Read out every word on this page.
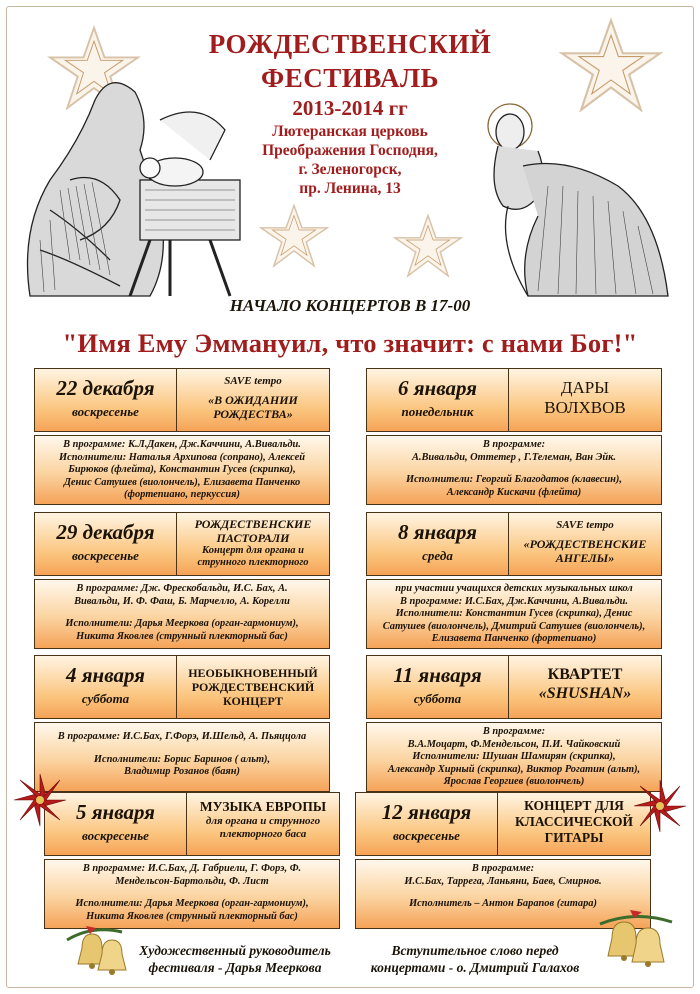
РОЖДЕСТВЕНСКИЙ
ФЕСТИВАЛЬ
2013-2014 гг
Лютеранская церковь
Преображения Господня,
г. Зеленогорск,
пр. Ленина, 13
НАЧАЛО КОНЦЕРТОВ В 17-00
"Имя Ему Эммануил, что значит: с нами Бог!"
22 декабря
воскресенье
SAVE tempo
«В ОЖИДАНИИ
РОЖДЕСТВА»
В программе: К.Л.Дакен, Дж.Каччини, А.Вивальди.
Исполнители: Наталья Архипова (сопрано), Алексей
Бирюков (флейта), Константин Гусев (скрипка),
Денис Сатушев (виолончель), Елизавета Панченко
(фортепиано, перкуссия)
6 января
понедельник
ДАРЫ
ВОЛХВОВ
В программе:
А.Вивальди, Оттетер , Г.Телеман, Ван Эйк.
Исполнители: Георгий Благодатов (клавесин),
Александр Кискачи (флейта)
29 декабря
воскресенье
РОЖДЕСТВЕНСКИЕ
ПАСТОРАЛИ
Концерт для органа и
струнного плекторного
В программе: Дж. Фрескобальди, И.С. Бах, А.
Вивальди, И. Ф. Фаш, Б. Марчелло, А. Корелли
Исполнители: Дарья Меерковa (орган-гармониум),
Никита Яковлев (струнный плекторный бас)
8 января
среда
SAVE tempo
«РОЖДЕСТВЕНСКИЕ
АНГЕЛЫ»
при участии учащихся детских музыкальных школ
В программе: И.С.Бах, Дж.Каччини, А.Вивальди.
Исполнители: Константин Гусев (скрипка), Денис
Сатушев (виолончель), Дмитрий Сатушев (виолончель),
Елизавета Панченко (фортепиано)
4 января
суббота
НЕОБЫКНОВЕННЫЙ
РОЖДЕСТВЕНСКИЙ
КОНЦЕРТ
В программе: И.С.Бах, Г.Форэ, И.Шельд, А. Пьяццола
Исполнители: Борис Баринов ( альт),
Владимир Розанов (баян)
11 января
суббота
КВАРТЕТ
«SHUSHAN»
В программе:
В.А.Моцарт, Ф.Мендельсон, П.И. Чайковский
Исполнители: Шушан Шамирян (скрипка),
Александр Хирный (скрипка), Виктор Рогатин (альт),
Ярослав Георгиев (виолончель)
5 января
воскресенье
МУЗЫКА ЕВРОПЫ
для органа и струнного
плекторного баса
В программе: И.С.Бах, Д. Габриели, Г. Форэ, Ф.
Мендельсон-Бартольди, Ф. Лист
Исполнители: Дарья Меерковa (орган-гармониум),
Никита Яковлев (струнный плекторный бас)
12 января
воскресенье
КОНЦЕРТ ДЛЯ
КЛАССИЧЕСКОЙ
ГИТАРЫ
В программе:
И.С.Бах, Таррега, Ланьяни, Баев, Смирнов.
Исполнитель – Антон Барапов (гитара)
Художественный руководитель
фестиваля - Дарья Меерковa
Вступительное слово перед
концертами - о. Дмитрий Галахов
